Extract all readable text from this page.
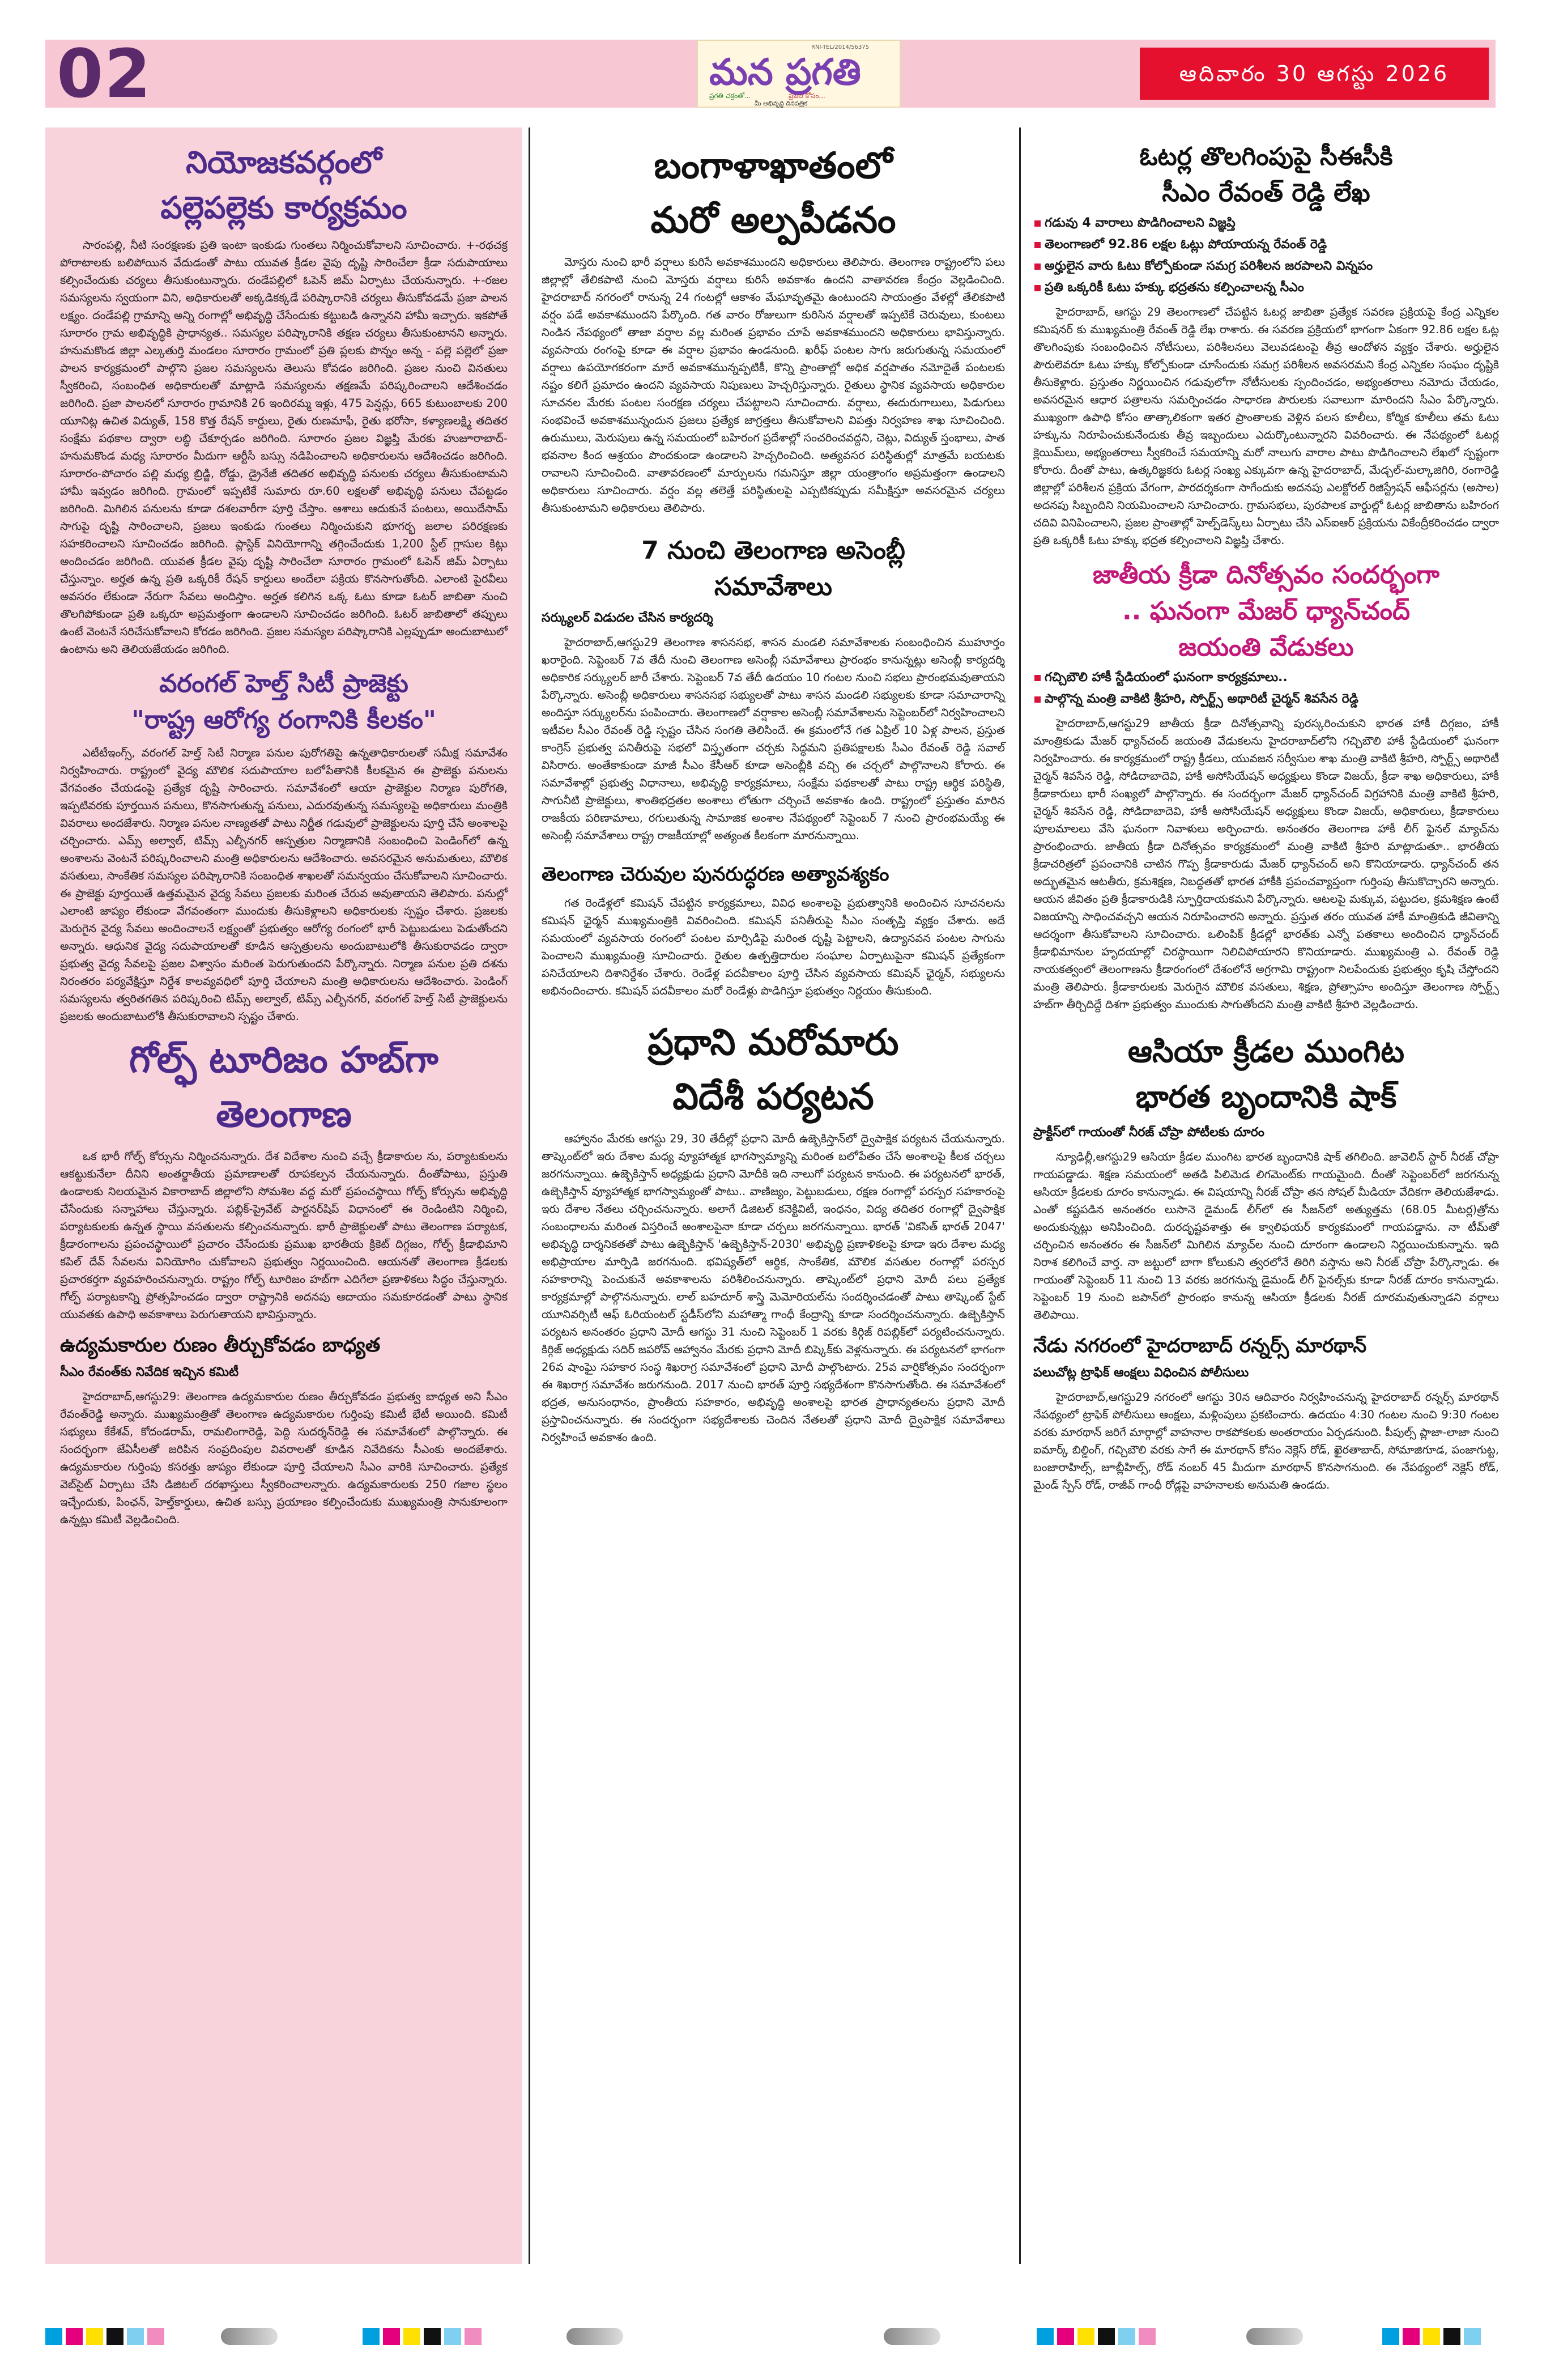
02	RNI-TEL/2014/56375
మన ప్రగతి
ప్రగతి చక్రంతో...	ప్రజల కోసం...
మీ అభివృద్ధి దినపత్రిక
ఆదివారం 30 ఆగస్టు 2026
నియోజకవర్గంలో
పల్లెపల్లెకు కార్యక్రమం
సారంపల్లి, నీటి సంరక్షణకు ప్రతి ఇంటా ఇంకుడు గుంతలు నిర్మించుకోవాలని సూచించారు. +-రథచక్ర పోరాటాలకు బలిపోయిన వేదుడంతో పాటు యువత క్రీడల వైపు దృష్టి సారించేలా క్రీడా సదుపాయాలు కల్పించేందుకు చర్యలు తీసుకుంటున్నారు. దండేపల్లిలో ఓపెన్ జిమ్ ఏర్పాటు చేయనున్నారు. +-రజల సమస్యలను స్వయంగా విని, అధికారులతో అక్కడికక్కడే పరిష్కారానికి చర్యలు తీసుకోవడమే ప్రజా పాలన లక్ష్యం. దండేపల్లి గ్రామాన్ని అన్ని రంగాల్లో అభివృద్ధి చేసేందుకు కట్టుబడి ఉన్నానని హామీ ఇచ్చారు. ఇకపోతే సూరారం గ్రామ అభివృద్ధికి ప్రాధాన్యత.. సమస్యల పరిష్కారానికి తక్షణ చర్యలు తీసుకుంటానని అన్నారు. హనుమకొండ జిల్లా ఎల్కతుర్తి మండలం సూరారం గ్రామంలో ప్రతి ప్లలకు పొన్నం అన్న - పల్లె పల్లెలో ప్రజా పాలన కార్యక్రమంలో పాల్గొని ప్రజల సమస్యలను తెలుసు కోవడం జరిగింది. ప్రజల నుంచి వినతులు స్వీకరించి, సంబంధిత అధికారులతో మాట్లాడి సమస్యలను తక్షణమే పరిష్కరించాలని ఆదేశించడం జరిగింది. ప్రజా పాలనలో సూరారం గ్రామానికి 26 ఇందిరమ్మ ఇళ్లు, 475 పెన్షన్లు, 665 కుటుంబాలకు 200 యూనిట్ల ఉచిత విద్యుత్, 158 కొత్త రేషన్ కార్డులు, రైతు రుణమాఫీ, రైతు భరోసా, కళ్యాణలక్ష్మి తదితర సంక్షేమ పథకాల ద్వారా లబ్ధి చేకూర్చడం జరిగింది. సూరారం ప్రజల విజ్ఞప్తి మేరకు హుజూరాబాద్-హనుమకొండ మధ్య సూరారం మీదుగా ఆర్టీసీ బస్సు నడిపించాలని అధికారులను ఆదేశించడం జరిగింది. సూరారం-పోచారం పల్లి మధ్య బ్రిడ్జి, రోడ్డు, డ్రైనేజీ తదితర అభివృద్ధి పనులకు చర్యలు తీసుకుంటామని హామీ ఇవ్వడం జరిగింది. గ్రామంలో ఇప్పటికే సుమారు రూ.60 లక్షలతో అభివృద్ధి పనులు చేపట్టడం జరిగింది. మిగిలిన పనులను కూడా దశలవారీగా పూర్తి చేస్తాం. ఆశాలు ఆదుకునే పంటలు, అయిదేసామ్ సాగుపై దృష్టి సారించాలని, ప్రజలు ఇంకుడు గుంతలు నిర్మించుకుని భూగర్భ జలాల పరిరక్షణకు సహకరించాలని సూచించడం జరిగింది. ప్లాస్టిక్ వినియోగాన్ని తగ్గించేందుకు 1,200 స్టీల్ గ్లాసుల కిట్లు అందించడం జరిగింది. యువత క్రీడల వైపు దృష్టి సారించేలా సూరారం గ్రామంలో ఓపెన్ జిమ్ ఏర్పాటు చేస్తున్నాం. అర్హత ఉన్న ప్రతి ఒక్కరికీ రేషన్ కార్డులు అందేలా పక్రియ కొనసాగుతోంది. ఎలాంటి పైరవీలు అవసరం లేకుండా నేరుగా సేవలు అందిస్తాం. అర్హత కలిగిన ఒక్క ఓటు కూడా ఓటర్ జాబితా నుంచి తొలగిపోకుండా ప్రతి ఒక్కరూ అప్రమత్తంగా ఉండాలని సూచించడం జరిగింది. ఓటర్ జాబితాలో తప్పులు ఉంటే వెంటనే సరిచేసుకోవాలని కోరడం జరిగింది. ప్రజల సమస్యల పరిష్కారానికి ఎల్లప్పుడూ అందుబాటులో ఉంటాను అని తెలియజేయడం జరిగింది.
వరంగల్ హెల్త్ సిటీ ప్రాజెక్టు
"రాష్ట్ర ఆరోగ్య రంగానికి కీలకం"
ఎటీటీఇంగ్స్, వరంగల్ హెల్త్ సిటీ నిర్మాణ పనుల పురోగతిపై ఉన్నతాధికారులతో సమీక్ష సమావేశం నిర్వహించారు. రాష్ట్రంలో వైద్య మౌలిక సదుపాయాల బలోపేతానికి కీలకమైన ఈ ప్రాజెక్టు పనులను వేగవంతం చేయడంపై ప్రత్యేక దృష్టి సారించారు. సమావేశంలో ఆయా ప్రాజెక్టుల నిర్మాణ పురోగతి, ఇప్పటివరకు పూర్తయిన పనులు, కొనసాగుతున్న పనులు, ఎదురవుతున్న సమస్యలపై అధికారులు మంత్రికి వివరాలు అందజేశారు. నిర్మాణ పనుల నాణ్యతతో పాటు నిర్ణీత గడువులో ప్రాజెక్టులను పూర్తి చేసే అంశాలపై చర్చించారు. ఎమ్స్ అల్వాల్, టిమ్స్ ఎల్బీనగర్ ఆస్పత్రుల నిర్మాణానికి సంబంధించి పెండింగ్‌లో ఉన్న అంశాలను వెంటనే పరిష్కరించాలని మంత్రి అధికారులను ఆదేశించారు. అవసరమైన అనుమతులు, మౌలిక వసతులు, సాంకేతిక సమస్యల పరిష్కారానికి సంబంధిత శాఖలతో సమన్వయం చేసుకోవాలని సూచించారు. ఈ ప్రాజెక్టు పూర్తయితే ఉత్తమమైన వైద్య సేవలు ప్రజలకు మరింత చేరువ అవుతాయని తెలిపారు. పనుల్లో ఎలాంటి జాప్యం లేకుండా వేగవంతంగా ముందుకు తీసుకెళ్లాలని అధికారులకు స్పష్టం చేశారు. ప్రజలకు మెరుగైన వైద్య సేవలు అందించాలనే లక్ష్యంతో ప్రభుత్వం ఆరోగ్య రంగంలో భారీ పెట్టుబడులు పెడుతోందని అన్నారు. ఆధునిక వైద్య సదుపాయాలతో కూడిన ఆస్పత్రులను అందుబాటులోకి తీసుకురావడం ద్వారా ప్రభుత్వ వైద్య సేవలపై ప్రజల విశ్వాసం మరింత పెరుగుతుందని పేర్కొన్నారు. నిర్మాణ పనుల ప్రతి దశను నిరంతరం పర్యవేక్షిస్తూ నిర్దేశ కాలవ్యవధిలో పూర్తి చేయాలని మంత్రి అధికారులను ఆదేశించారు. పెండింగ్ సమస్యలను త్వరితగతిన పరిష్కరించి టిమ్స్ అల్వాల్, టిమ్స్ ఎల్బీనగర్, వరంగల్ హెల్త్ సిటీ ప్రాజెక్టులను ప్రజలకు అందుబాటులోకి తీసుకురావాలని స్పష్టం చేశారు.
గోల్ఫ్ టూరిజం హబ్‌గా
తెలంగాణ
ఒక భారీ గోల్ఫ్ కోర్సును నిర్మించనున్నారు. దేశ విదేశాల నుంచి వచ్చే క్రీడాకారుల ను, పర్యాటకులను ఆకట్టుకునేలా దీనిని అంతర్జాతీయ ప్రమాణాలతో రూపకల్పన చేయనున్నారు. దీంతోపాటు, ప్రస్తుతి ఉండాలకు నిలయమైన వికారాబాద్ జిల్లాలోని సోమశిల వద్ద మరో ప్రపంచస్థాయి గోల్ఫ్ కోర్సును అభివృద్ధి చేసేందుకు సన్నాహాలు చేస్తున్నారు. పబ్లిక్-ప్రైవేట్ పార్టనర్‌షిప్ విధానంలో ఈ రెండింటిని నిర్మించి, పర్యాటకులకు ఉన్నత స్థాయి వసతులను కల్పించనున్నారు. భారీ ప్రాజెక్టులతో పాటు తెలంగాణ పర్యాటక, క్రీడారంగాలను ప్రపంచస్థాయిలో ప్రచారం చేసేందుకు ప్రముఖ భారతీయ క్రికెట్ దిగ్గజం, గోల్ఫ్ క్రీడాభిమాని కపిల్ దేవ్ సేవలను వినియోగిం చుకోవాలని ప్రభుత్వం నిర్ణయించింది. ఆయనతో తెలంగాణ క్రీడలకు ప్రచారకర్తగా వ్యవహరించనున్నారు. రాష్ట్రం గోల్ఫ్ టూరిజం హబ్‌గా ఎదిగేలా ప్రణాళికలు సిద్ధం చేస్తున్నారు. గోల్ఫ్ పర్యాటకాన్ని ప్రోత్సహించడం ద్వారా రాష్ట్రానికి అదనపు ఆదాయం సమకూరడంతో పాటు స్థానిక యువతకు ఉపాధి అవకాశాలు పెరుగుతాయని భావిస్తున్నారు.
ఉద్యమకారుల రుణం తీర్చుకోవడం బాధ్యత
సీఎం రేవంత్‌కు నివేదిక ఇచ్చిన కమిటీ
హైదరాబాద్,ఆగస్టు29: తెలంగాణ ఉద్యమకారుల రుణం తీర్చుకోవడం ప్రభుత్వ బాధ్యత అని సీఎం రేవంత్‌రెడ్డి అన్నారు. ముఖ్యమంత్రితో తెలంగాణ ఉద్యమకారుల గుర్తింపు కమిటీ భేటీ అయింది. కమిటీ సభ్యులు కేకేశవ్, కోదండరామ్, రామలింగారెడ్డి, పెద్ది సుదర్శన్‌రెడ్డి ఈ సమావేశంలో పాల్గొన్నారు. ఈ సందర్భంగా జేఏసీలతో జరిపిన సంప్రదింపుల వివరాలతో కూడిన నివేదికను సీఎంకు అందజేశారు. ఉద్యమకారుల గుర్తింపు కసరత్తు జాప్యం లేకుండా పూర్తి చేయాలని సీఎం వారికి సూచించారు. ప్రత్యేక వెబ్‌సైట్ ఏర్పాటు చేసి డిజిటల్ దరఖాస్తులు స్వీకరించాలన్నారు. ఉద్యమకారులకు 250 గజాల స్థలం ఇచ్చేందుకు, పింఛన్, హెల్త్‌కార్డులు, ఉచిత బస్సు ప్రయాణం కల్పించేందుకు ముఖ్యమంత్రి సానుకూలంగా ఉన్నట్లు కమిటీ వెల్లడించింది.
బంగాళాఖాతంలో
మరో అల్పపీడనం
మోస్తరు నుంచి భారీ వర్షాలు కురిసే అవకాశముందని అధికారులు తెలిపారు. తెలంగాణ రాష్ట్రంలోని పలు జిల్లాల్లో తేలికపాటి నుంచి మోస్తరు వర్షాలు కురిసే అవకాశం ఉందని వాతావరణ కేంద్రం వెల్లడించింది. హైదరాబాద్ నగరంలో రానున్న 24 గంటల్లో ఆకాశం మేఘావృతమై ఉంటుందని సాయంత్రం వేళల్లో తేలికపాటి వర్షం పడే అవకాశముందని పేర్కొంది. గత వారం రోజులుగా కురిసిన వర్షాలతో ఇప్పటికే చెరువులు, కుంటలు నిండిన నేపథ్యంలో తాజా వర్షాల వల్ల మరింత ప్రభావం చూపే అవకాశముందని అధికారులు భావిస్తున్నారు. వ్యవసాయ రంగంపై కూడా ఈ వర్షాల ప్రభావం ఉండనుంది. ఖరీఫ్ పంటల సాగు జరుగుతున్న సమయంలో వర్షాలు ఉపయోగకరంగా మారే అవకాశమున్నప్పటికీ, కొన్ని ప్రాంతాల్లో అధిక వర్షపాతం నమోదైతే పంటలకు నష్టం కలిగే ప్రమాదం ఉందని వ్యవసాయ నిపుణులు హెచ్చరిస్తున్నారు. రైతులు స్థానిక వ్యవసాయ అధికారుల సూచనల మేరకు పంటల సంరక్షణ చర్యలు చేపట్టాలని సూచించారు. వర్షాలు, ఈదురుగాలులు, పిడుగులు సంభవించే అవకాశమున్నందున ప్రజలు ప్రత్యేక జాగ్రత్తలు తీసుకోవాలని విపత్తు నిర్వహణ శాఖ సూచించింది. ఉరుములు, మెరుపులు ఉన్న సమయంలో బహిరంగ ప్రదేశాల్లో సంచరించవద్దని, చెట్లు, విద్యుత్ స్తంభాలు, పాత భవనాల కింద ఆశ్రయం పొందకుండా ఉండాలని హెచ్చరించింది. అత్యవసర పరిస్థితుల్లో మాత్రమే బయటకు రావాలని సూచించింది. వాతావరణంలో మార్పులను గమనిస్తూ జిల్లా యంత్రాంగం అప్రమత్తంగా ఉండాలని అధికారులు సూచించారు. వర్షం వల్ల తలెత్తే పరిస్థితులపై ఎప్పటికప్పుడు సమీక్షిస్తూ అవసరమైన చర్యలు తీసుకుంటామని అధికారులు తెలిపారు.
7 నుంచి తెలంగాణ అసెంబ్లీ
సమావేశాలు
సర్క్యులర్ విడుదల చేసిన కార్యదర్శి
హైదరాబాద్,ఆగస్టు29 తెలంగాణ శాసనసభ, శాసన మండలి సమావేశాలకు సంబంధించిన ముహూర్తం ఖరారైంది. సెప్టెంబర్ 7వ తేదీ నుంచి తెలంగాణ అసెంబ్లీ సమావేశాలు ప్రారంభం కానున్నట్లు అసెంబ్లీ కార్యదర్శి అధికారిక సర్క్యులర్ జారీ చేశారు. సెప్టెంబర్ 7వ తేదీ ఉదయం 10 గంటల నుంచి సభలు ప్రారంభమవుతాయని పేర్కొన్నారు. అసెంబ్లీ అధికారులు శాసనసభ సభ్యులతో పాటు శాసన మండలి సభ్యులకు కూడా సమాచారాన్ని అందిస్తూ సర్క్యులర్‌ను పంపించారు. తెలంగాణలో వర్షాకాల అసెంబ్లీ సమావేశాలను సెప్టెంబర్‌లో నిర్వహించాలని ఇటీవల సీఎం రేవంత్ రెడ్డి స్పష్టం చేసిన సంగతి తెలిసిందే. ఈ క్రమంలోనే గత ఏప్రిల్ 10 ఏళ్ల పాలన, ప్రస్తుత కాంగ్రెస్ ప్రభుత్వ పనితీరుపై సభలో విస్తృతంగా చర్చకు సిద్ధమని ప్రతిపక్షాలకు సీఎం రేవంత్ రెడ్డి సవాల్ విసిరారు. అంతేకాకుండా మాజీ సీఎం కేసీఆర్ కూడా అసెంబ్లీకి వచ్చి ఈ చర్చలో పాల్గొనాలని కోరారు. ఈ సమావేశాల్లో ప్రభుత్వ విధానాలు, అభివృద్ధి కార్యక్రమాలు, సంక్షేమ పథకాలతో పాటు రాష్ట్ర ఆర్థిక పరిస్థితి, సాగునీటి ప్రాజెక్టులు, శాంతిభద్రతల అంశాలు లోతుగా చర్చించే అవకాశం ఉంది. రాష్ట్రంలో ప్రస్తుతం మారిన రాజకీయ పరిణామాలు, రగులుతున్న సామాజిక అంశాల నేపథ్యంలో సెప్టెంబర్ 7 నుంచి ప్రారంభమయ్యే ఈ అసెంబ్లీ సమావేశాలు రాష్ట్ర రాజకీయాల్లో అత్యంత కీలకంగా మారనున్నాయి.
తెలంగాణ చెరువుల పునరుద్ధరణ అత్యావశ్యకం
గత రెండేళ్లలో కమిషన్ చేపట్టిన కార్యక్రమాలు, వివిధ అంశాలపై ప్రభుత్వానికి అందించిన సూచనలను కమిషన్ ఛైర్మన్ ముఖ్యమంత్రికి వివరించింది. కమిషన్ పనితీరుపై సీఎం సంతృప్తి వ్యక్తం చేశారు. అదే సమయంలో వ్యవసాయ రంగంలో పంటల మార్పిడిపై మరింత దృష్టి పెట్టాలని, ఉద్యానవన పంటల సాగును పెంచాలని ముఖ్యమంత్రి సూచించారు. రైతుల ఉత్పత్తిదారుల సంఘాల ఏర్పాటుపైనా కమిషన్ ప్రత్యేకంగా పనిచేయాలని దిశానిర్దేశం చేశారు. రెండేళ్ల పదవీకాలం పూర్తి చేసిన వ్యవసాయ కమిషన్ ఛైర్మన్, సభ్యులను అభినందించారు. కమిషన్ పదవీకాలం మరో రెండేళ్లు పొడిగిస్తూ ప్రభుత్వం నిర్ణయం తీసుకుంది.
ప్రధాని మరోమారు
విదేశీ పర్యటన
ఆహ్వానం మేరకు ఆగస్టు 29, 30 తేదీల్లో ప్రధాని మోదీ ఉజ్బెకిస్తాన్‌లో ద్వైపాక్షిక పర్యటన చేయనున్నారు. తాష్కెంట్‌లో ఇరు దేశాల మధ్య వ్యూహాత్మక భాగస్వామ్యాన్ని మరింత బలోపేతం చేసే అంశాలపై కీలక చర్చలు జరగనున్నాయి. ఉజ్బెకిస్తాన్ అధ్యక్షుడు ప్రధాని మోదీకి ఇది నాలుగో పర్యటన కానుంది. ఈ పర్యటనలో భారత్, ఉజ్బెకిస్తాన్ వ్యూహాత్మక భాగస్వామ్యంతో పాటు.. వాణిజ్యం, పెట్టుబడులు, రక్షణ రంగాల్లో పరస్పర సహకారంపై ఇరు దేశాల నేతలు చర్చించనున్నారు. అలాగే డిజిటల్ కనెక్టివిటీ, ఇంధనం, విద్య తదితర రంగాల్లో ద్వైపాక్షిక సంబంధాలను మరింత విస్తరించే అంశాలపైనా కూడా చర్చలు జరగనున్నాయి. భారత్ 'వికసిత్ భారత్ 2047' అభివృద్ధి దార్శనికతతో పాటు ఉజ్బెకిస్తాన్ 'ఉజ్బెకిస్తాన్-2030' అభివృద్ధి ప్రణాళికలపై కూడా ఇరు దేశాల మధ్య అభిప్రాయాల మార్పిడి జరగనుంది. భవిష్యత్‌లో ఆర్థిక, సాంకేతిక, మౌలిక వసతుల రంగాల్లో పరస్పర సహకారాన్ని పెంచుకునే అవకాశాలను పరిశీలించనున్నారు. తాష్కెంట్‌లో ప్రధాని మోదీ పలు ప్రత్యేక కార్యక్రమాల్లో పాల్గొననున్నారు. లాల్ బహదూర్ శాస్త్రి మెమోరియల్‌ను సందర్శించడంతో పాటు తాష్కెంట్ స్టేట్ యూనివర్సిటీ ఆఫ్ ఓరియంటల్ స్టడీస్‌లోని మహాత్మా గాంధీ కేంద్రాన్ని కూడా సందర్శించనున్నారు. ఉజ్బెకిస్తాన్ పర్యటన అనంతరం ప్రధాని మోదీ ఆగస్టు 31 నుంచి సెప్టెంబర్ 1 వరకు కిర్గిజ్ రిపబ్లిక్‌లో పర్యటించనున్నారు. కిర్గిజ్ అధ్యక్షుడు సదిర్ జపరోవ్ ఆహ్వానం మేరకు ప్రధాని మోదీ బిష్కెక్‌కు వెళ్లనున్నారు. ఈ పర్యటనలో భాగంగా 26వ షాంఘై సహకార సంస్థ శిఖరాగ్ర సమావేశంలో ప్రధాని మోదీ పాల్గొంటారు. 25వ వార్షికోత్సవం సందర్భంగా ఈ శిఖరాగ్ర సమావేశం జరుగనుంది. 2017 నుంచి భారత్ పూర్తి సభ్యదేశంగా కొనసాగుతోంది. ఈ సమావేశంలో భద్రత, అనుసంధానం, ప్రాంతీయ సహకారం, అభివృద్ధి అంశాలపై భారత ప్రాధాన్యతలను ప్రధాని మోదీ ప్రస్తావించనున్నారు. ఈ సందర్భంగా సభ్యదేశాలకు చెందిన నేతలతో ప్రధాని మోదీ ద్వైపాక్షిక సమావేశాలు నిర్వహించే అవకాశం ఉంది.
ఓటర్ల తొలగింపుపై సీఈసీకి
సీఎం రేవంత్ రెడ్డి లేఖ
గడువు 4 వారాలు పొడిగించాలని విజ్ఞప్తి
తెలంగాణలో 92.86 లక్షల ఓట్లు పోయాయన్న రేవంత్ రెడ్డి
అర్హులైన వారు ఓటు కోల్పోకుండా సమగ్ర పరిశీలన జరపాలని విన్నపం
ప్రతి ఒక్కరికీ ఓటు హక్కు భద్రతను కల్పించాలన్న సీఎం
హైదరాబాద్, ఆగస్టు 29 తెలంగాణలో చేపట్టిన ఓటర్ల జాబితా ప్రత్యేక సవరణ ప్రక్రియపై కేంద్ర ఎన్నికల కమిషనర్ కు ముఖ్యమంత్రి రేవంత్ రెడ్డి లేఖ రాశారు. ఈ సవరణ ప్రక్రియలో భాగంగా ఏకంగా 92.86 లక్షల ఓట్ల తొలగింపుకు సంబంధించిన నోటీసులు, పరిశీలనలు వెలువడటంపై తీవ్ర ఆందోళన వ్యక్తం చేశారు. అర్హులైన పౌరులెవరూ ఓటు హక్కు కోల్పోకుండా చూసేందుకు సమగ్ర పరిశీలన అవసరమని కేంద్ర ఎన్నికల సంఘం దృష్టికి తీసుకెళ్లారు. ప్రస్తుతం నిర్ణయించిన గడువులోగా నోటీసులకు స్పందించడం, అభ్యంతరాలు నమోదు చేయడం, అవసరమైన ఆధార పత్రాలను సమర్పించడం సాధారణ పౌరులకు సవాలుగా మారిందని సీఎం పేర్కొన్నారు. ముఖ్యంగా ఉపాధి కోసం తాత్కాలికంగా ఇతర ప్రాంతాలకు వెళ్లిన పలస కూలీలు, కోర్మిక కూలీలు తమ ఓటు హక్కును నిరూపించుకునేందుకు తీవ్ర ఇబ్బందులు ఎదుర్కొంటున్నారని వివరించారు. ఈ నేపథ్యంలో ఓటర్ల క్లెయిమ్‌లు, అభ్యంతరాలు స్వీకరించే సమయాన్ని మరో నాలుగు వారాల పాటు పొడిగించాలని లేఖలో స్పష్టంగా కోరారు. దీంతో పాటు, ఉత్కరిజ్ఞకరు ఓటర్ల సంఖ్య ఎక్కువగా ఉన్న హైదరాబాద్, మేడ్చల్-మల్కాజిగిరి, రంగారెడ్డి జిల్లాల్లో పరిశీలన ప్రక్రియ వేగంగా, పారదర్శకంగా సాగేందుకు అదనపు ఎలక్టోరల్ రిజిస్ట్రేషన్ ఆఫీసర్లను (అసాల) అదనపు సిబ్బందిని నియమించాలని సూచించారు. గ్రామసభలు, పురపాలక వార్డుల్లో ఓటర్ల జాబితాను బహిరంగ చదివి వినిపించాలని, ప్రజల ప్రాంతాల్లో హెల్ప్‌డెస్క్‌లు ఏర్పాటు చేసి ఎస్ఐఆర్ ప్రక్రియను వికేంద్రీకరించడం ద్వారా ప్రతి ఒక్కరికీ ఓటు హక్కు భద్రత కల్పించాలని విజ్ఞప్తి చేశారు.
జాతీయ క్రీడా దినోత్సవం సందర్భంగా
.. ఘనంగా మేజర్ ధ్యాన్‌చంద్
జయంతి వేడుకలు
గచ్చిబౌలి హాకీ స్టేడియంలో ఘనంగా కార్యక్రమాలు..
పాల్గొన్న మంత్రి వాకిటి శ్రీహరి, స్పోర్ట్స్ అథారిటీ చైర్మన్ శివసేన రెడ్డి
హైదరాబాద్,ఆగస్టు29 జాతీయ క్రీడా దినోత్సవాన్ని పురస్కరించుకుని భారత హాకీ దిగ్గజం, హాకీ మాంత్రికుడు మేజర్ ధ్యాన్‌చంద్ జయంతి వేడుకలను హైదరాబాద్‌లోని గచ్చిబౌలి హాకీ స్టేడియంలో ఘనంగా నిర్వహించారు. ఈ కార్యక్రమంలో రాష్ట్ర క్రీడలు, యువజన సర్వీసుల శాఖ మంత్రి వాకిటి శ్రీహరి, స్పోర్ట్స్ అథారిటీ చైర్మన్ శివసేన రెడ్డి, సోడిదాబాదెవి, హాకీ అసోసియేషన్ అధ్యక్షులు కొండా విజయ్, క్రీడా శాఖ అధికారులు, హాకీ క్రీడాకారులు భారీ సంఖ్యలో పాల్గొన్నారు. ఈ సందర్భంగా మేజర్ ధ్యాన్‌చంద్ విగ్రహానికి మంత్రి వాకిటి శ్రీహరి, చైర్మన్ శివసేన రెడ్డి, సోడిదాబాదెవి, హాకీ అసోసియేషన్ అధ్యక్షులు కొండా విజయ్, అధికారులు, క్రీడాకారులు పూలమాలలు వేసి ఘనంగా నివాళులు అర్పించారు. అనంతరం తెలంగాణ హాకీ లీగ్ ఫైనల్ మ్యాచ్‌ను ప్రారంభించారు. జాతీయ క్రీడా దినోత్సవం కార్యక్రమంలో మంత్రి వాకిటి శ్రీహరి మాట్లాడుతూ.. భారతీయ క్రీడాచరిత్రలో ప్రపంచానికి చాటిన గొప్ప క్రీడాకారుడు మేజర్ ధ్యాన్‌చంద్ అని కొనియాడారు. ధ్యాన్‌చంద్ తన అద్భుతమైన ఆటతీరు, క్రమశిక్షణ, నిబద్ధతతో భారత హాకీకి ప్రపంచవ్యాప్తంగా గుర్తింపు తీసుకొచ్చారని అన్నారు. ఆయన జీవితం ప్రతి క్రీడాకారుడికి స్ఫూర్తిదాయకమని పేర్కొన్నారు. ఆటలపై మక్కువ, పట్టుదల, క్రమశిక్షణ ఉంటే విజయాన్ని సాధించవచ్చని ఆయన నిరూపించారని అన్నారు. ప్రస్తుత తరం యువత హాకీ మాంత్రికుడి జీవితాన్ని ఆదర్శంగా తీసుకోవాలని సూచించారు. ఒలింపిక్ క్రీడల్లో భారత్‌కు ఎన్నో పతకాలు అందించిన ధ్యాన్‌చంద్ క్రీడాభిమానుల హృదయాల్లో చిరస్థాయిగా నిలిచిపోయారని కొనియాడారు. ముఖ్యమంత్రి ఎ. రేవంత్ రెడ్డి నాయకత్వంలో తెలంగాణను క్రీడారంగంలో దేశంలోనే అగ్రగామి రాష్ట్రంగా నిలపేందుకు ప్రభుత్వం కృషి చేస్తోందని మంత్రి తెలిపారు. క్రీడాకారులకు మెరుగైన మౌలిక వసతులు, శిక్షణ, ప్రోత్సాహం అందిస్తూ తెలంగాణ స్పోర్ట్స్ హబ్‌గా తీర్చిదిద్దే దిశగా ప్రభుత్వం ముందుకు సాగుతోందని మంత్రి వాకిటి శ్రీహరి వెల్లడించారు.
ఆసియా క్రీడల ముంగిట
భారత బృందానికి షాక్
ప్రాక్టీస్‌లో గాయంతో నీరజ్ చోప్రా పోటీలకు దూరం
న్యూఢిల్లీ,ఆగస్టు29 ఆసియా క్రీడల ముంగిట భారత బృందానికి షాక్ తగిలింది. జావెలిన్ స్టార్ నీరజ్ చోప్రా గాయపడ్డాడు. శిక్షణ సమయంలో అతడి పిలిమెడ లిగమెంట్‌కు గాయమైంది. దీంతో సెప్టెంబర్‌లో జరగనున్న ఆసియా క్రీడలకు దూరం కానున్నాడు. ఈ విషయాన్ని నీరజ్ చోప్రా తన సోషల్ మీడియా వేదికగా తెలియజేశాడు. ఎంతో కష్టపడిన అనంతరం లుసానె డైమండ్ లీగ్‌లో ఈ సీజన్‌లో అత్యుత్తమ (68.05 మీటర్ల)త్రోను అందుకున్నట్లు అనిపించింది. దురదృష్టవశాత్తు ఈ క్వాలిఫయర్ కార్యకమంలో గాయపడ్డాను. నా టీమ్‌తో చర్చించిన అనంతరం ఈ సీజన్‌లో మిగిలిన మ్యాచ్‌ల నుంచి దూరంగా ఉండాలని నిర్ణయించుకున్నాను. ఇది నిరాశ కలిగించే వార్త. నా జట్టులో బాగా కోలుకుని త్వరలోనే తిరిగి వస్తాను అని నీరజ్ చోప్రా పేర్కొన్నాడు. ఈ గాయంతో సెప్టెంబర్ 11 నుంచి 13 వరకు జరగనున్న డైమండ్ లీగ్ ఫైనల్స్‌కు కూడా నీరజ్ దూరం కానున్నాడు. సెప్టెంబర్ 19 నుంచి జపాన్‌లో ప్రారంభం కానున్న ఆసియా క్రీడలకు నీరజ్ దూరమవుతున్నాడని వర్గాలు తెలిపాయి.
నేడు నగరంలో హైదరాబాద్ రన్నర్స్ మారథాన్
పలుచోట్ల ట్రాఫిక్ ఆంక్షలు విధించిన పోలీసులు
హైదరాబాద్,ఆగస్టు29 నగరంలో ఆగస్టు 30న ఆదివారం నిర్వహించనున్న హైదరాబాద్ రన్నర్స్ మారథాన్ నేపథ్యంలో ట్రాఫిక్ పోలీసులు ఆంక్షలు, మళ్లింపులు ప్రకటించారు. ఉదయం 4:30 గంటల నుంచి 9:30 గంటల వరకు మారథాన్ జరిగే మార్గాల్లో వాహనాల రాకపోకలకు అంతరాయం ఏర్పడనుంది. పీపుల్స్ ప్లాజా-లాజా నుంచి ఐమార్క్ బిల్డింగ్, గచ్చిబౌలి వరకు సాగే ఈ మారథాన్ కోసం నెక్లెస్ రోడ్, ఖైరతాబాద్, సోమాజిగూడ, పంజాగుట్ట, బంజారాహిల్స్, జూబ్లీహిల్స్, రోడ్ నంబర్ 45 మీదుగా మారథాన్ కొనసాగనుంది. ఈ నేపథ్యంలో నెక్లెస్ రోడ్, మైండ్ స్పేస్ రోడ్, రాజీవ్ గాంధీ రోడ్లపై వాహనాలకు అనుమతి ఉండదు.
